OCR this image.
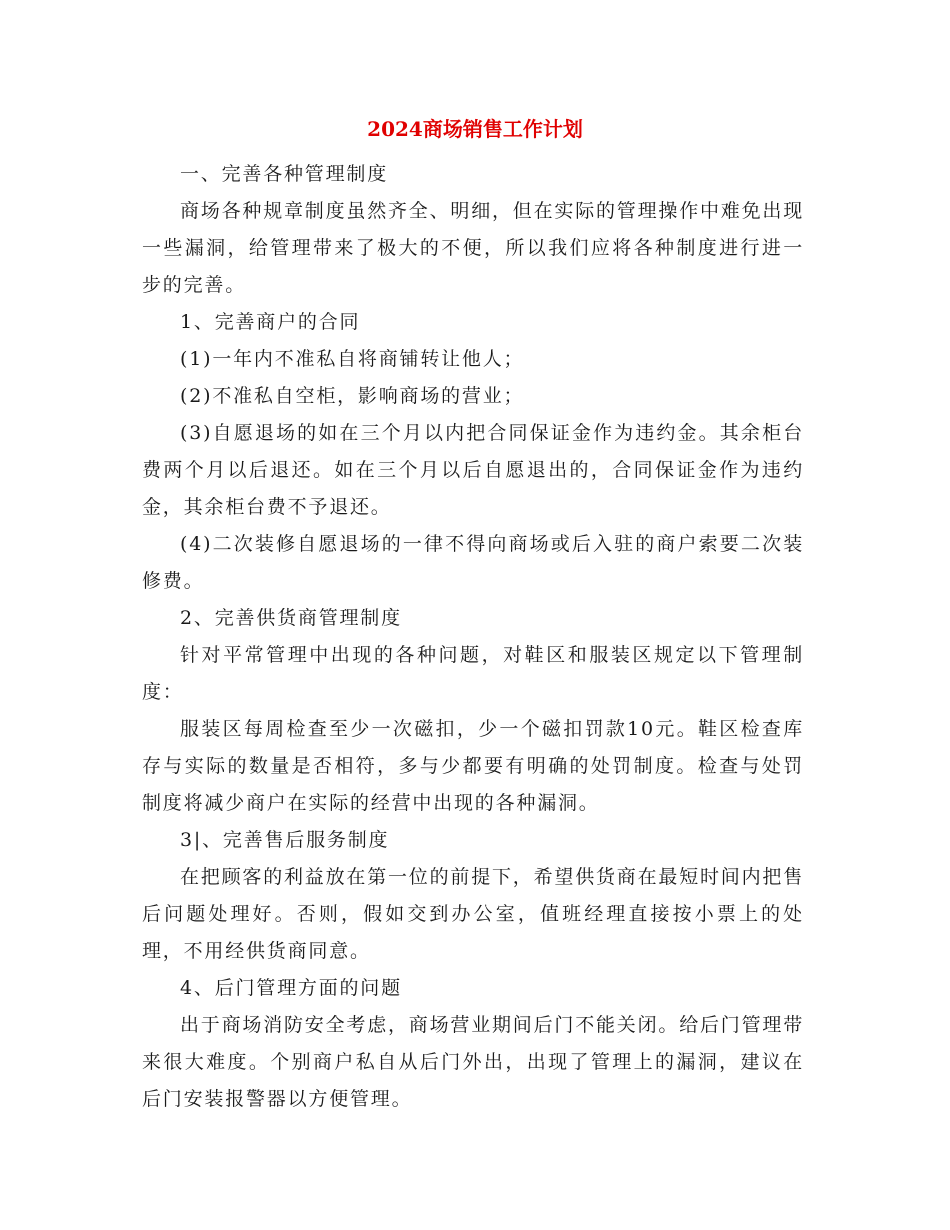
2024商场销售工作计划

一、完善各种管理制度

商场各种规章制度虽然齐全、明细，但在实际的管理操作中难免出现一些漏洞，给管理带来了极大的不便，所以我们应将各种制度进行进一步的完善。

1、完善商户的合同

(1)一年内不准私自将商铺转让他人；

(2)不准私自空柜，影响商场的营业；

(3)自愿退场的如在三个月以内把合同保证金作为违约金。其余柜台费两个月以后退还。如在三个月以后自愿退出的，合同保证金作为违约金，其余柜台费不予退还。

(4)二次装修自愿退场的一律不得向商场或后入驻的商户索要二次装修费。

2、完善供货商管理制度

针对平常管理中出现的各种问题，对鞋区和服装区规定以下管理制度：

服装区每周检查至少一次磁扣，少一个磁扣罚款10元。鞋区检查库存与实际的数量是否相符，多与少都要有明确的处罚制度。检查与处罚制度将减少商户在实际的经营中出现的各种漏洞。

3|、完善售后服务制度

在把顾客的利益放在第一位的前提下，希望供货商在最短时间内把售后问题处理好。否则，假如交到办公室，值班经理直接按小票上的处理，不用经供货商同意。

4、后门管理方面的问题

出于商场消防安全考虑，商场营业期间后门不能关闭。给后门管理带来很大难度。个别商户私自从后门外出，出现了管理上的漏洞，建议在后门安装报警器以方便管理。
